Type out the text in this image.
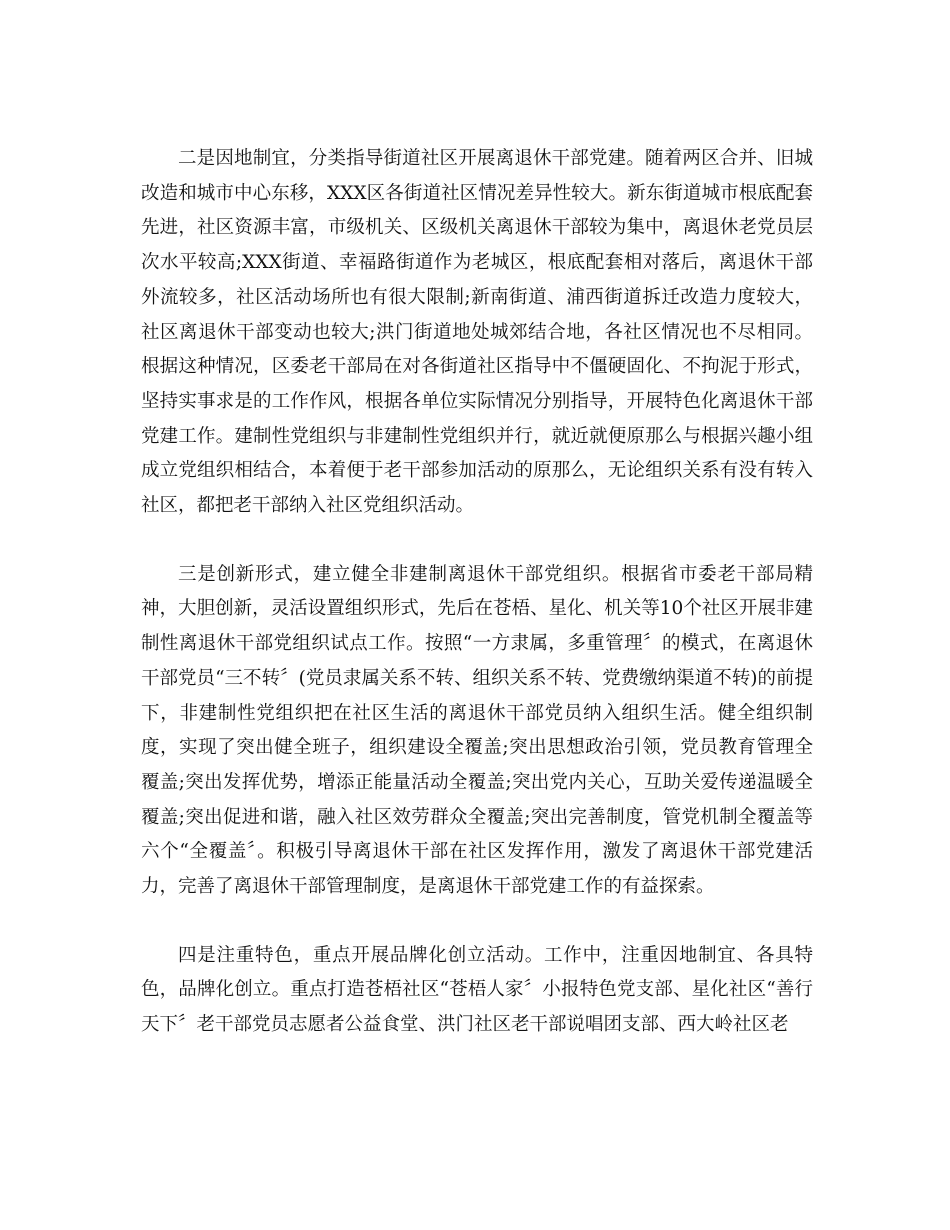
二是因地制宜，分类指导街道社区开展离退休干部党建。随着两区合并、旧城改造和城市中心东移，XXX区各街道社区情况差异性较大。新东街道城市根底配套先进，社区资源丰富，市级机关、区级机关离退休干部较为集中，离退休老党员层次水平较高;XXX街道、幸福路街道作为老城区，根底配套相对落后，离退休干部外流较多，社区活动场所也有很大限制;新南街道、浦西街道拆迁改造力度较大，社区离退休干部变动也较大;洪门街道地处城郊结合地，各社区情况也不尽相同。根据这种情况，区委老干部局在对各街道社区指导中不僵硬固化、不拘泥于形式，坚持实事求是的工作作风，根据各单位实际情况分别指导，开展特色化离退休干部党建工作。建制性党组织与非建制性党组织并行，就近就便原那么与根据兴趣小组成立党组织相结合，本着便于老干部参加活动的原那么，无论组织关系有没有转入社区，都把老干部纳入社区党组织活动。

三是创新形式，建立健全非建制离退休干部党组织。根据省市委老干部局精神，大胆创新，灵活设置组织形式，先后在苍梧、星化、机关等10个社区开展非建制性离退休干部党组织试点工作。按照“一方隶属，多重管理〞的模式，在离退休干部党员“三不转〞(党员隶属关系不转、组织关系不转、党费缴纳渠道不转)的前提下，非建制性党组织把在社区生活的离退休干部党员纳入组织生活。健全组织制度，实现了突出健全班子，组织建设全覆盖;突出思想政治引领，党员教育管理全覆盖;突出发挥优势，增添正能量活动全覆盖;突出党内关心，互助关爱传递温暖全覆盖;突出促进和谐，融入社区效劳群众全覆盖;突出完善制度，管党机制全覆盖等六个“全覆盖〞。积极引导离退休干部在社区发挥作用，激发了离退休干部党建活力，完善了离退休干部管理制度，是离退休干部党建工作的有益探索。

四是注重特色，重点开展品牌化创立活动。工作中，注重因地制宜、各具特色，品牌化创立。重点打造苍梧社区“苍梧人家〞小报特色党支部、星化社区“善行天下〞老干部党员志愿者公益食堂、洪门社区老干部说唱团支部、西大岭社区老
